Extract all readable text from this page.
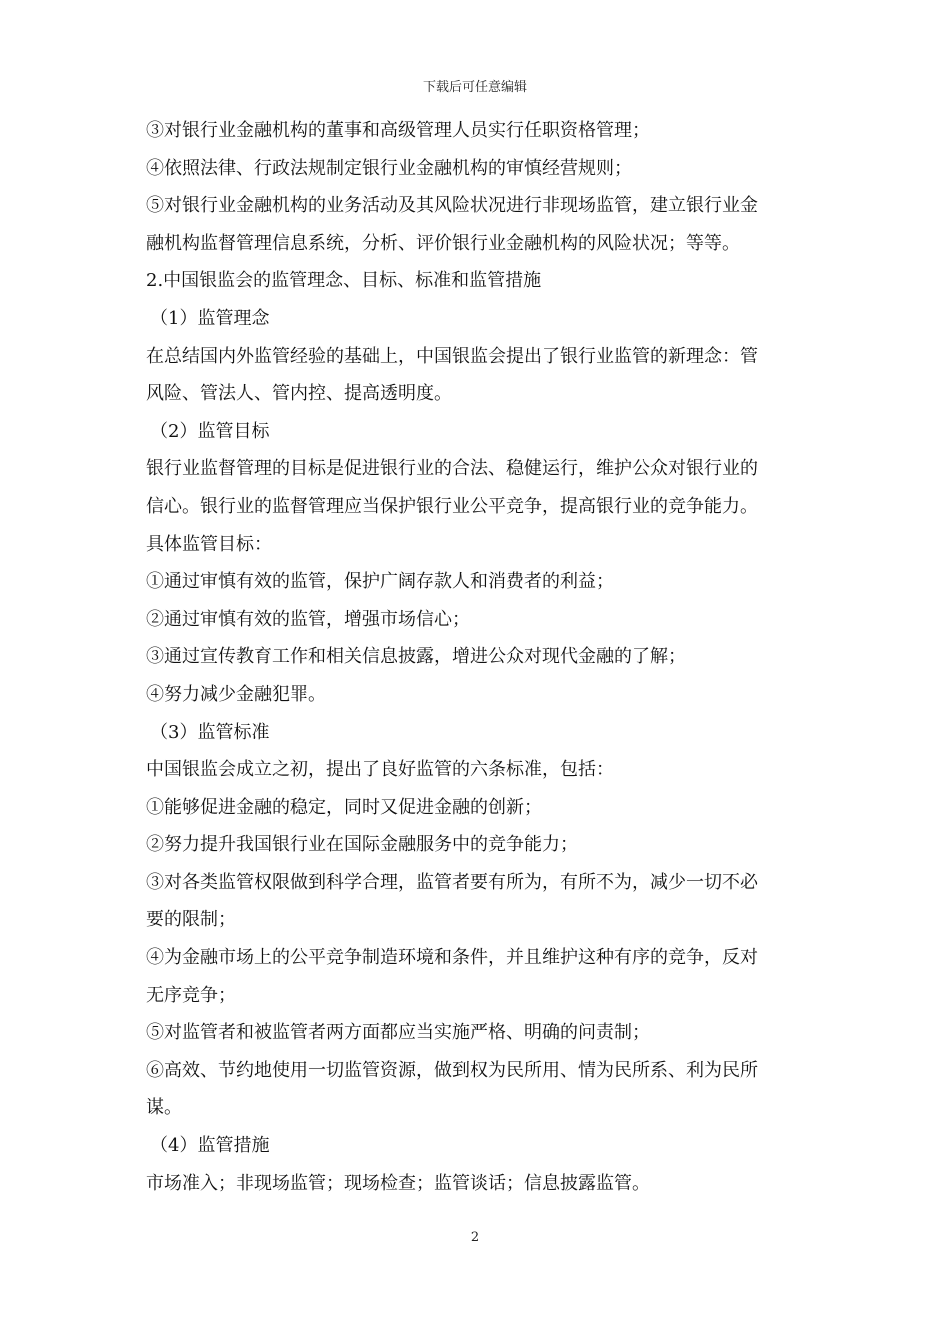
下载后可任意编辑
③对银行业金融机构的董事和高级管理人员实行任职资格管理；
④依照法律、行政法规制定银行业金融机构的审慎经营规则；
⑤对银行业金融机构的业务活动及其风险状况进行非现场监管，建立银行业金
融机构监督管理信息系统，分析、评价银行业金融机构的风险状况；等等。
2.中国银监会的监管理念、目标、标准和监管措施
（1）监管理念
在总结国内外监管经验的基础上，中国银监会提出了银行业监管的新理念：管
风险、管法人、管内控、提高透明度。
（2）监管目标
银行业监督管理的目标是促进银行业的合法、稳健运行，维护公众对银行业的
信心。银行业的监督管理应当保护银行业公平竞争，提高银行业的竞争能力。
具体监管目标：
①通过审慎有效的监管，保护广阔存款人和消费者的利益；
②通过审慎有效的监管，增强市场信心；
③通过宣传教育工作和相关信息披露，增进公众对现代金融的了解；
④努力减少金融犯罪。
（3）监管标准
中国银监会成立之初，提出了良好监管的六条标准，包括：
①能够促进金融的稳定，同时又促进金融的创新；
②努力提升我国银行业在国际金融服务中的竞争能力；
③对各类监管权限做到科学合理，监管者要有所为，有所不为，减少一切不必
要的限制；
④为金融市场上的公平竞争制造环境和条件，并且维护这种有序的竞争，反对
无序竞争；
⑤对监管者和被监管者两方面都应当实施严格、明确的问责制；
⑥高效、节约地使用一切监管资源，做到权为民所用、情为民所系、利为民所
谋。
（4）监管措施
市场准入；非现场监管；现场检查；监管谈话；信息披露监管。
2
